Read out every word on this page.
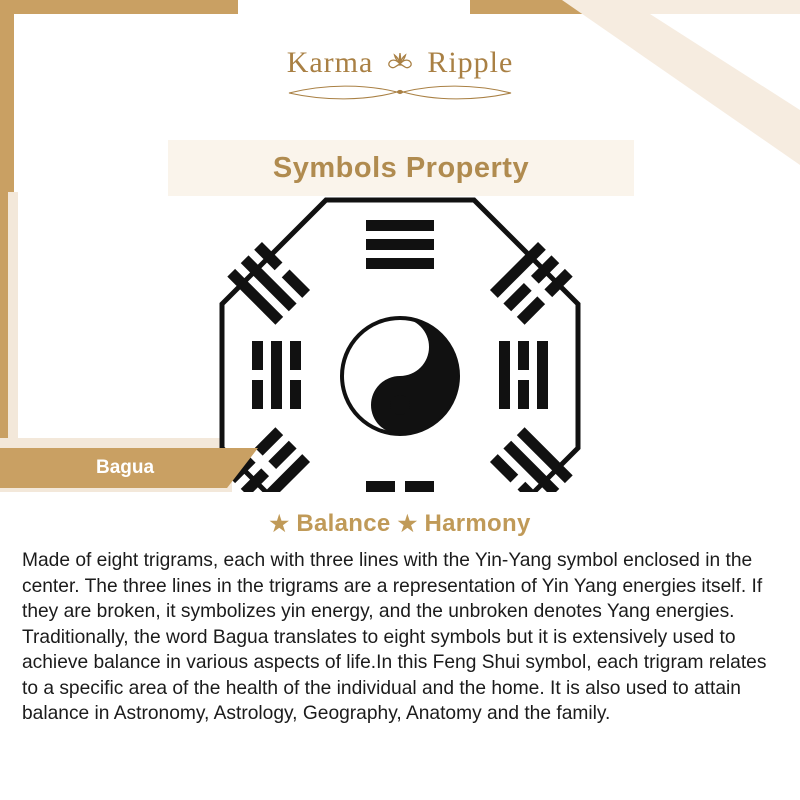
Karma Ripple
Symbols Property
Bagua
★ Balance ★ Harmony
Made of eight trigrams, each with three lines with the Yin-Yang symbol enclosed in the center. The three lines in the trigrams are a representation of Yin Yang energies itself. If they are broken, it symbolizes yin energy, and the unbroken denotes Yang energies. Traditionally, the word Bagua translates to eight symbols but it is extensively used to achieve balance in various aspects of life.In this Feng Shui symbol, each trigram relates to a specific area of the health of the individual and the home. It is also used to attain balance in Astronomy, Astrology, Geography, Anatomy and the family.
